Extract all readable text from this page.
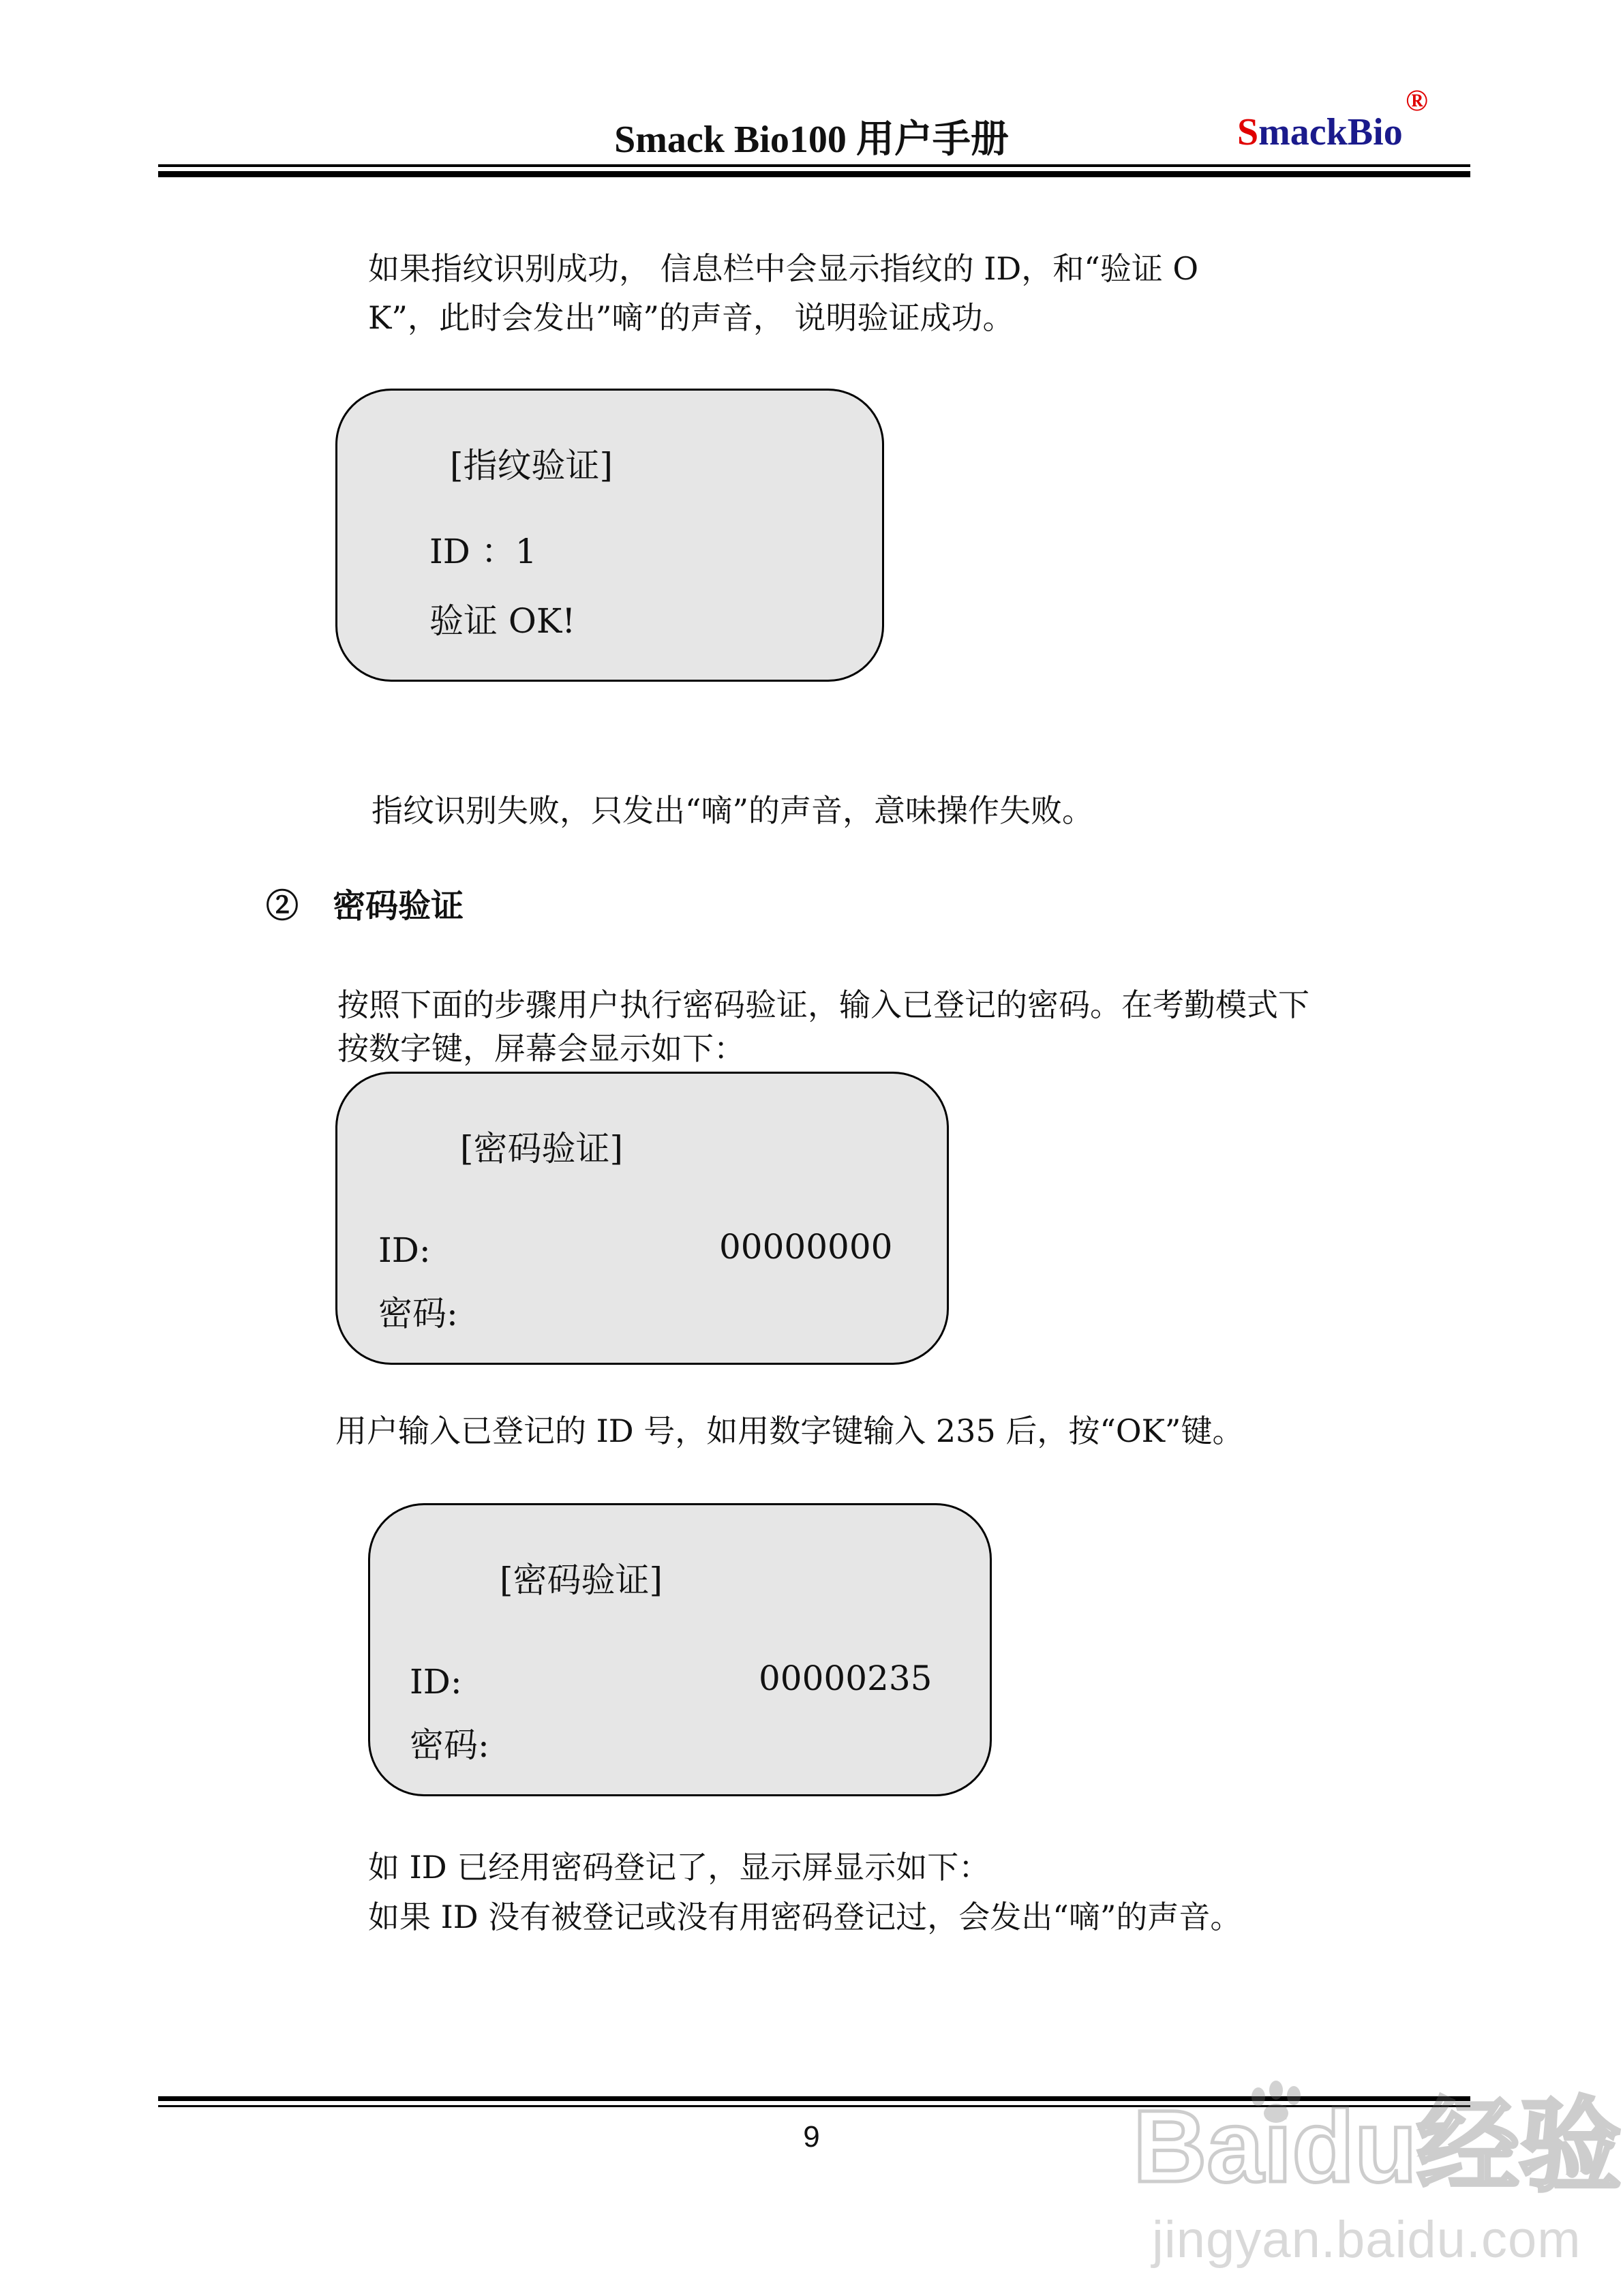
Smack Bio100 用户手册	SmackBio
®

如果指纹识别成功， 信息栏中会显示指纹的 ID，和“验证 O

K”，此时会发出”嘀”的声音， 说明验证成功。

[指纹验证]
ID ：1
验证 OK!

指纹识别失败，只发出“嘀”的声音，意味操作失败。

② 密码验证

按照下面的步骤用户执行密码验证，输入已登记的密码。在考勤模式下

按数字键，屏幕会显示如下：

[密码验证]
ID:	00000000
密码:

用户输入已登记的 ID 号，如用数字键输入 235 后，按“OK”键。

[密码验证]
ID:	00000235
密码:

如 ID 已经用密码登记了，显示屏显示如下：

如果 ID 没有被登记或没有用密码登记过，会发出“嘀”的声音。

9	Baidu经验
jingyan.baidu.com
